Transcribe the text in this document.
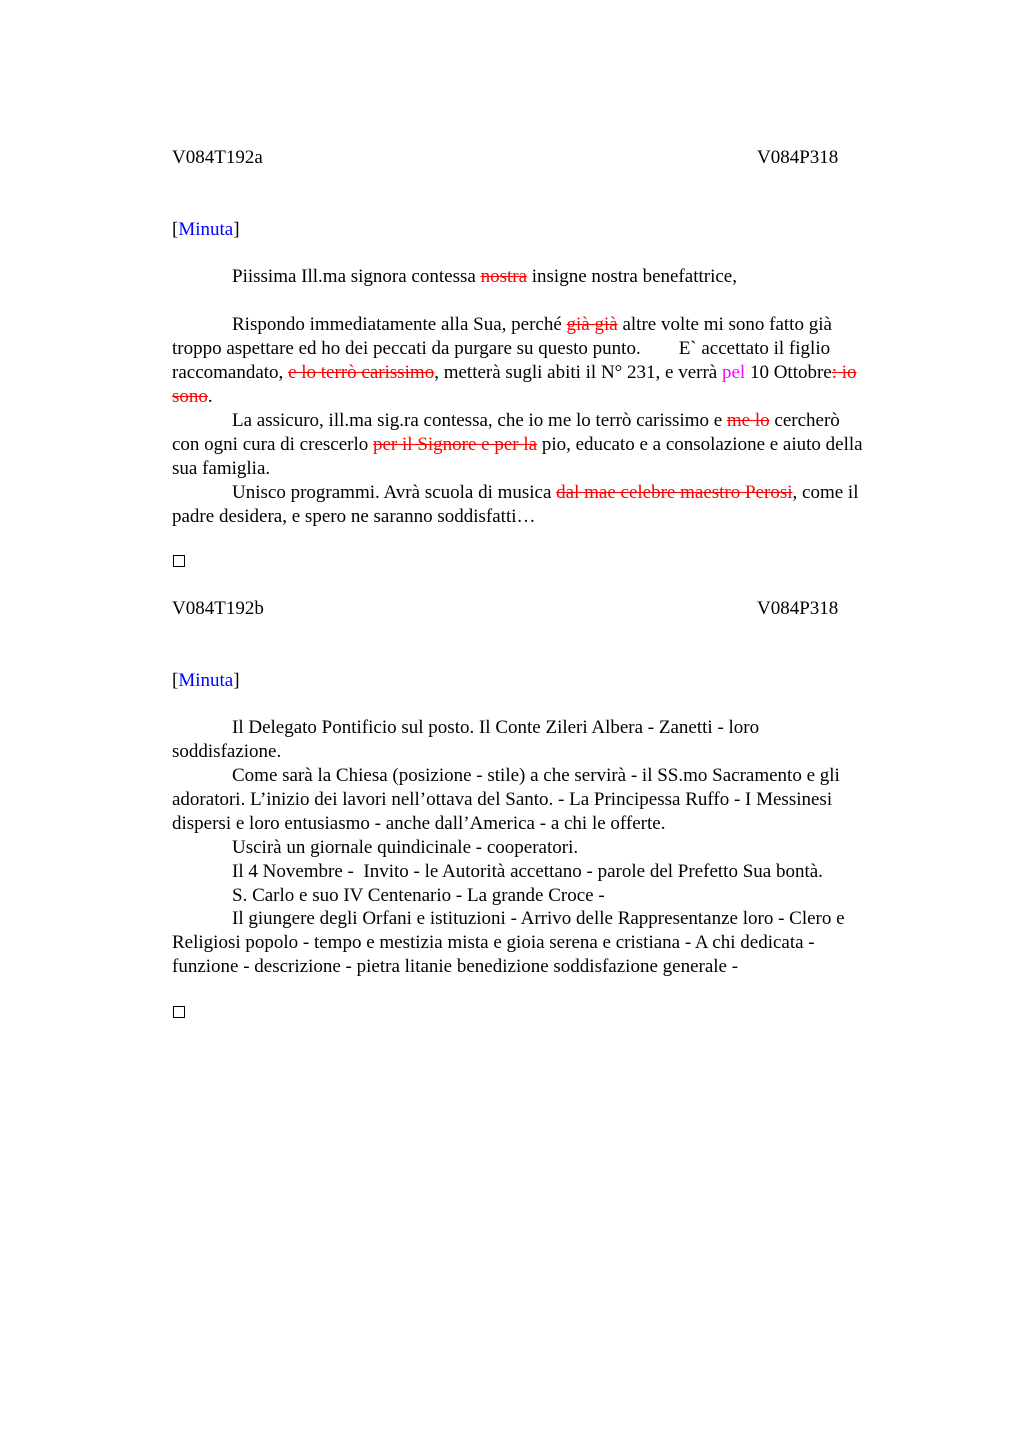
V084T192a	V084P318
[Minuta]
Piissima Ill.ma signora contessa nostra insigne nostra benefattrice,
Rispondo immediatamente alla Sua, perché già già altre volte mi sono fatto già
troppo aspettare ed ho dei peccati da purgare su questo punto.        E` accettato il figlio
raccomandato, e lo terrò carissimo, metterà sugli abiti il N° 231, e verrà pel 10 Ottobre: io
sono.
La assicuro, ill.ma sig.ra contessa, che io me lo terrò carissimo e me lo cercherò
con ogni cura di crescerlo per il Signore e per la pio, educato e a consolazione e aiuto della
sua famiglia.
Unisco programmi. Avrà scuola di musica dal mae celebre maestro Perosi, come il
padre desidera, e spero ne saranno soddisfatti…
V084T192b	V084P318
[Minuta]
Il Delegato Pontificio sul posto. Il Conte Zileri Albera - Zanetti - loro
soddisfazione.
Come sarà la Chiesa (posizione - stile) a che servirà - il SS.mo Sacramento e gli
adoratori. L’inizio dei lavori nell’ottava del Santo. - La Principessa Ruffo - I Messinesi
dispersi e loro entusiasmo - anche dall’America - a chi le offerte.
Uscirà un giornale quindicinale - cooperatori.
Il 4 Novembre -  Invito - le Autorità accettano - parole del Prefetto Sua bontà.
S. Carlo e suo IV Centenario - La grande Croce -
Il giungere degli Orfani e istituzioni - Arrivo delle Rappresentanze loro - Clero e
Religiosi popolo - tempo e mestizia mista e gioia serena e cristiana - A chi dedicata -
funzione - descrizione - pietra litanie benedizione soddisfazione generale -
